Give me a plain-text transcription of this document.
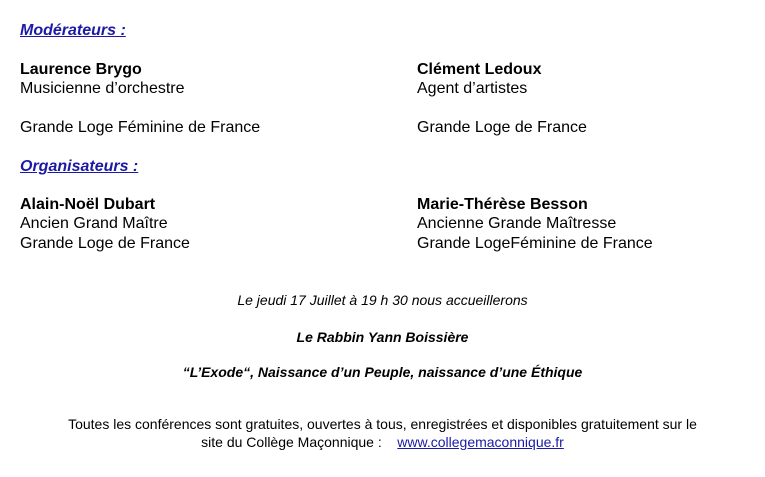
Modérateurs :
Laurence Brygo
Musicienne d’orchestre
Grande Loge Féminine de France
Clément Ledoux
Agent d’artistes
Grande Loge de France
Organisateurs :
Alain-Noël Dubart
Ancien Grand Maître
Grande Loge de France
Marie-Thérèse Besson
Ancienne Grande Maîtresse
Grande LogeFéminine de France
Le jeudi 17 Juillet à 19 h 30 nous accueillerons
Le Rabbin Yann Boissière
“L’Exode“, Naissance d’un Peuple, naissance d’une Éthique
Toutes les conférences sont gratuites, ouvertes à tous, enregistrées et disponibles gratuitement sur le
site du Collège Maçonnique : www.collegemaconnique.fr
